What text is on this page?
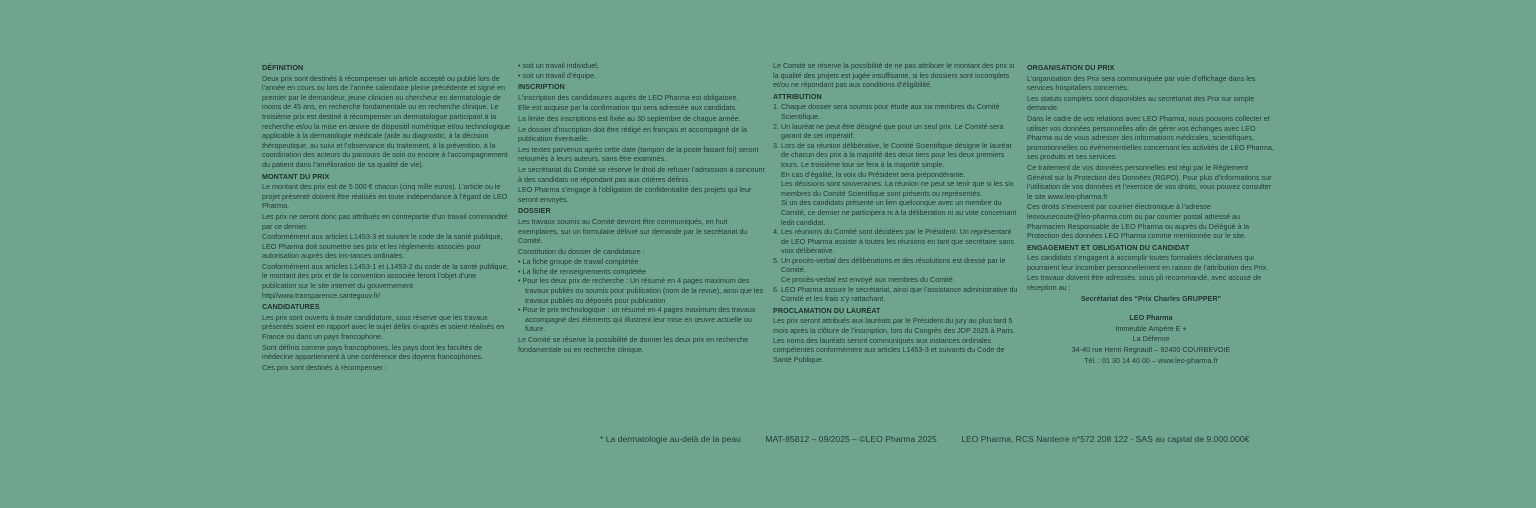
DÉFINITION

Deux prix sont destinés à récompenser un article accepté ou publié lors de l’année en cours ou lors de l’année calendaire pleine précédente et signé en premier par le demandeur, jeune clinicien ou chercheur en dermatologie de moins de 45 ans, en recherche fondamentale ou en recherche clinique. Le troisième prix est destiné à récompenser un dermatologue participant à la recherche et/ou la mise en œuvre de dispositif numérique et/ou technologique applicable à la dermatologie médicale (aide au diagnostic, à la décision thérapeutique, au suivi et l’observance du traitement, à la prévention, à la coordination des acteurs du parcours de soin ou encore à l’accompagnement du patient dans l’amélioration de sa qualité de vie).

MONTANT DU PRIX

Le montant des prix est de 5 000 € chacun (cinq mille euros). L’article ou le projet présenté doivent être réalisés en toute indépendance à l’égard de LEO Pharma.

Les prix ne seront donc pas attribués en contrepartie d’un travail commandité par ce dernier.

Conformément aux articles L1453-3 et suivant le code de la santé publique, LEO Pharma doit soumettre ses prix et les règlements associés pour autorisation auprès des ins-tances ordinales.

Conformément aux articles L1453-1 et L1453-2 du code de la santé publique, le montant des prix et de la convention associée feront l’objet d’une publication sur le site internet du gouvernement http//www.transparence.santegouv.fr/

CANDIDATURES

Les prix sont ouverts à toute candidature, sous réserve que les travaux présentés soient en rapport avec le sujet défini ci-après et soient réalisés en France ou dans un pays francophone.

Sont définis comme pays francophones, les pays dont les facultés de médecine appartiennent à une conférence des doyens francophones.

Ces prix sont destinés à récompenser :

• soit un travail individuel,
• soit un travail d’équipe.
INSCRIPTION

L’inscription des candidatures auprès de LEO Pharma est obligatoire.

Elle est acquise par la confirmation qui sera adressée aux candidats.

La limite des inscriptions est fixée au 30 septembre de chaque année.

Le dossier d’inscription doit être rédigé en français et accompagné de la publication éventuelle.

Les textes parvenus après cette date (tampon de la poste faisant foi) seront retournés à leurs auteurs, sans être examinés.

Le secrétariat du Comité se réserve le droit de refuser l’admission à concourir à des candidats ne répondant pas aux critères définis.

LEO Pharma s’engage à l’obligation de confidentialité des projets qui leur seront envoyés.

DOSSIER

Les travaux soumis au Comité devront être communiqués, en huit exemplaires, sur un formulaire délivré sur demande par le secrétariat du Comité.

Constitution du dossier de candidature :

• La fiche groupe de travail complétée
• La fiche de renseignements complétée
• Pour les deux prix de recherche : Un résumé en 4 pages maximum des travaux publiés ou soumis pour publication (nom de la revue), ainsi que les travaux publiés ou déposés pour publication
• Pour le prix technologique : un résumé en 4 pages maximum des travaux accompagné des éléments qui illustrent leur mise en œuvre actuelle ou future.

Le Comité se réserve la possibilité de donner les deux prix en recherche fondamentale ou en recherche clinique.

Le Comité se réserve la possibilité de ne pas attribuer le montant des prix si la qualité des projets est jugée insuffisante, si les dossiers sont incomplets et/ou ne répondant pas aux conditions d’éligibilité.

ATTRIBUTION
1. Chaque dossier sera soumis pour étude aux six membres du Comité Scientifique.
2. Un lauréat ne peut être désigné que pour un seul prix. Le Comité sera garant de cet impératif.
3. Lors de sa réunion délibérative, le Comité Scientifique désigne le lauréat de chacun des prix à la majorité des deux tiers pour les deux premiers tours. Le troisième tour se fera à la majorité simple.
En cas d’égalité, la voix du Président sera prépondérante.
Les décisions sont souveraines. La réunion ne peut se tenir que si les six membres du Comité Scientifique sont présents ou représentés.
Si un des candidats présente un lien quelconque avec un membre du Comité, ce dernier ne participera ni à la délibération ni au vote concernant ledit candidat.
4. Les réunions du Comité sont décidées par le Président. Un représentant de LEO Pharma assiste à toutes les réunions en tant que secrétaire sans voix délibérative.
5. Un procès-verbal des délibérations et des résolutions est dressé par le Comité.
Ce procès-verbal est envoyé aux membres du Comité.
6. LEO Pharma assure le secrétariat, ainsi que l’assistance administrative du Comité et les frais s’y rattachant.
PROCLAMATION DU LAURÉAT

Les prix seront attribués aux lauréats par le Président du jury au plus tard 5 mois après la clôture de l’inscription, lors du Congrès des JDP 2025 à Paris. Les noms des lauréats seront communiqués aux instances ordinales compétentes conformément aux articles L1453-3 et suivants du Code de Santé Publique.

ORGANISATION DU PRIX

L’organisation des Prix sera communiquée par voie d’offichage dans les services hospitaliers concernés.

Les statuts complets sont disponibles au secrétariat des Prix sur simple demande.

Dans le cadre de vos relations avec LEO Pharma, nous pouvons collecter et utiliser vos données personnelles afin de gérer vos échanges avec LEO Pharma ou de vous adresser des informations médicales, scientifiques, promotionnelles ou évènementielles concernant les activités de LEO Pharma, ses produits et ses services.

Ce traitement de vos données personnelles est régi par le Règlement Général sur la Protection des Données (RGPD). Pour plus d’informations sur l’utilisation de vos données et l’exercice de vos droits, vous pouvez consulter le site www.leo-pharma.fr

Ces droits s’exercent par courrier électronique à l’adresse leovousecoute@leo-pharma.com ou par courrier postal adressé au Pharmacien Responsable de LEO Pharma ou auprès du Délégué à la Protection des données LEO Pharma comme mentionnée sur le site.

ENGAGEMENT ET OBLIGATION DU CANDIDAT

Les candidats s’engagent à accomplir toutes formalités déclaratives qui pourraient leur incomber personnellement en raison de l’attribution des Prix.

Les travaux doivent être adressés, sous pli recommandé, avec accusé de réception au :

Secrétariat des “Prix Charles GRUPPER”

LEO Pharma

Immeuble Ampère E +

La Défense

34-40 rue Henri Regnault – 92400 COURBEVOIE

Tél. : 01 30 14 40 00 – www.leo-pharma.fr

* La dermatologie au-delà de la peau	MAT-85812 – 09/2025 – ©LEO Pharma 2025	LEO Pharma, RCS Nanterre n°572 208 122 - SAS au capital de 9.000.000€
